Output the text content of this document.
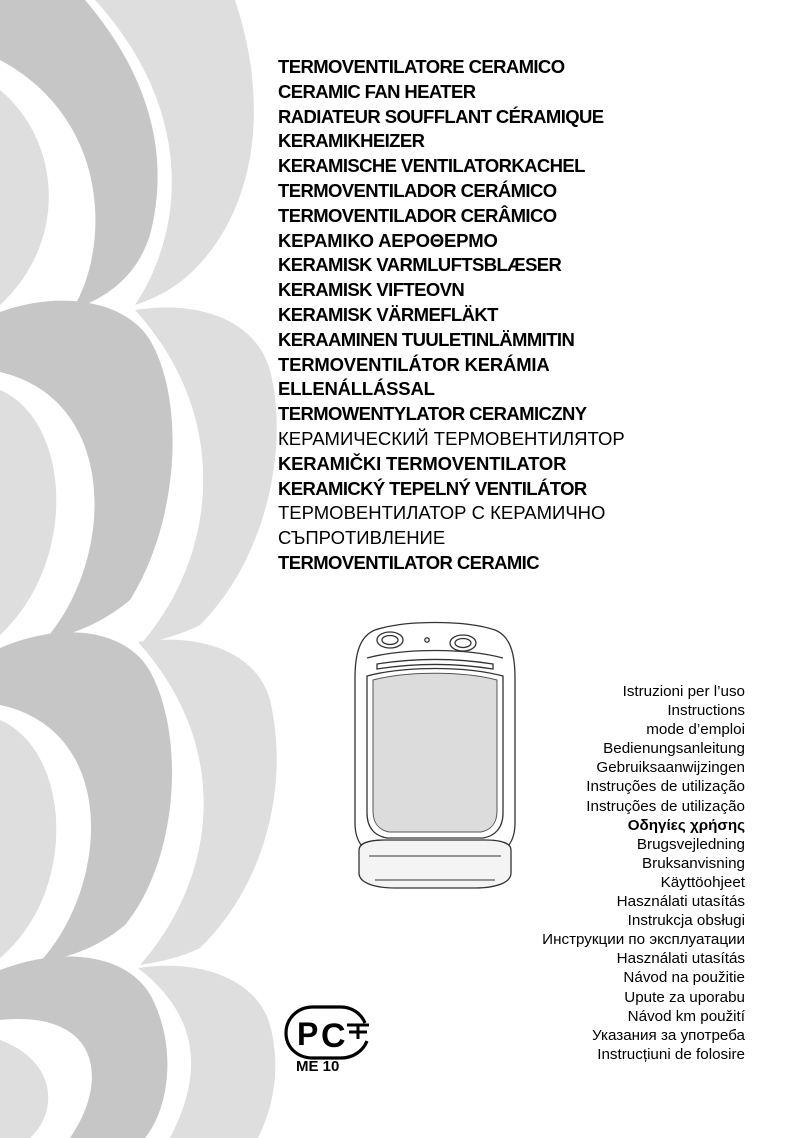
TERMOVENTILATORE CERAMICO
CERAMIC FAN HEATER
RADIATEUR SOUFFLANT CÉRAMIQUE
KERAMIKHEIZER
KERAMISCHE VENTILATORKACHEL
TERMOVENTILADOR CERÁMICO
TERMOVENTILADOR CERÂMICO
ΚΕΡΑΜΙΚΟ ΑΕΡΟΘΕΡΜΟ
KERAMISK VARMLUFTSBLÆSER
KERAMISK VIFTEOVN
KERAMISK VÄRMEFLÄKT
KERAAMINEN TUULETINLÄMMITIN
TERMOVENTILÁTOR KERÁMIA
ELLENÁLLÁSSAL
TERMOWENTYLATOR CERAMICZNY
КЕРАМИЧЕСКИЙ ТЕРМОВЕНТИЛЯТОР
KERAMIČKI TERMOVENTILATOR
KERAMICKÝ TEPELNÝ VENTILÁTOR
ТЕРМОВЕНТИЛАТОР С КЕРАМИЧНО
СЪПРОТИВЛЕНИЕ
TERMOVENTILATOR CERAMIC
Istruzioni per l’uso
Instructions
mode d’emploi
Bedienungsanleitung
Gebruiksaanwijzingen
Instruções de utilização
Instruções de utilização
Οδηγίες χρήσης
Brugsvejledning
Bruksanvisning
Käyttöohjeet
Használati utasítás
Instrukcja obsługi
Инструкции по эксплуатации
Használati utasítás
Návod na použitie
Upute za uporabu
Návod km použití
Указания за употреба
Instrucțiuni de folosire
Р С
ME 10
